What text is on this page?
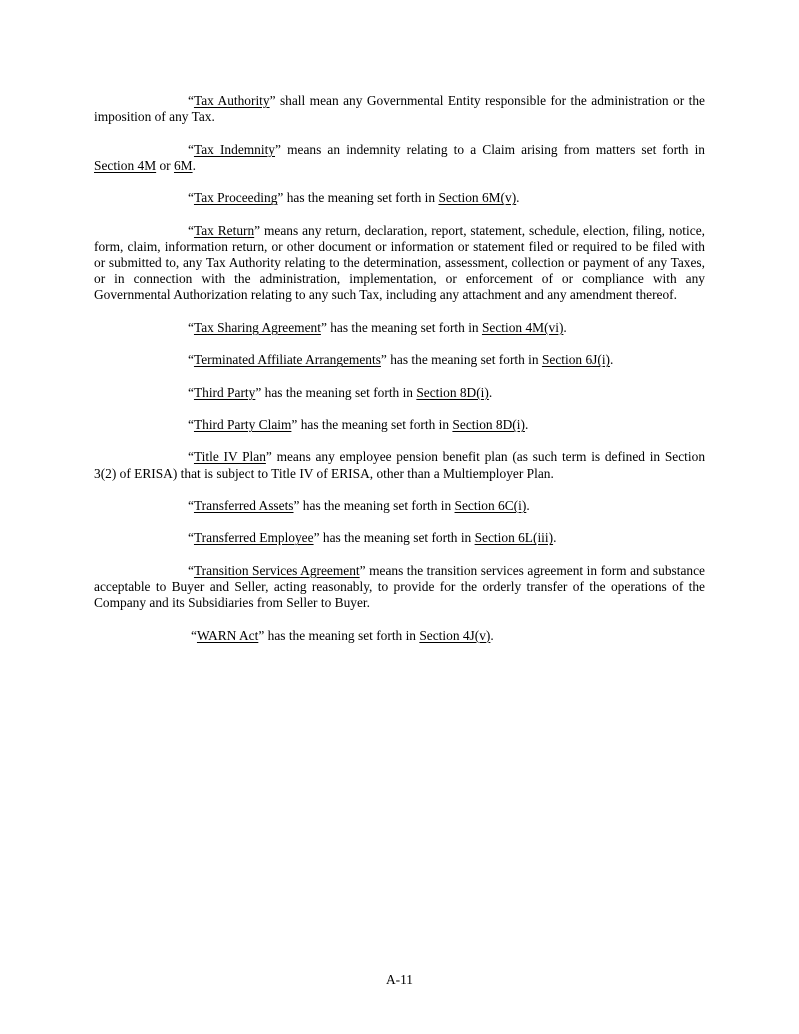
“Tax Authority” shall mean any Governmental Entity responsible for the administration or the imposition of any Tax.

“Tax Indemnity” means an indemnity relating to a Claim arising from matters set forth in Section 4M or 6M.

“Tax Proceeding” has the meaning set forth in Section 6M(v).

“Tax Return” means any return, declaration, report, statement, schedule, election, filing, notice, form, claim, information return, or other document or information or statement filed or required to be filed with or submitted to, any Tax Authority relating to the determination, assessment, collection or payment of any Taxes, or in connection with the administration, implementation, or enforcement of or compliance with any Governmental Authorization relating to any such Tax, including any attachment and any amendment thereof.

“Tax Sharing Agreement” has the meaning set forth in Section 4M(vi).

“Terminated Affiliate Arrangements” has the meaning set forth in Section 6J(i).

“Third Party” has the meaning set forth in Section 8D(i).

“Third Party Claim” has the meaning set forth in Section 8D(i).

“Title IV Plan” means any employee pension benefit plan (as such term is defined in Section 3(2) of ERISA) that is subject to Title IV of ERISA, other than a Multiemployer Plan.

“Transferred Assets” has the meaning set forth in Section 6C(i).

“Transferred Employee” has the meaning set forth in Section 6L(iii).

“Transition Services Agreement” means the transition services agreement in form and substance acceptable to Buyer and Seller, acting reasonably, to provide for the orderly transfer of the operations of the Company and its Subsidiaries from Seller to Buyer.

“WARN Act” has the meaning set forth in Section 4J(v).

A-11
